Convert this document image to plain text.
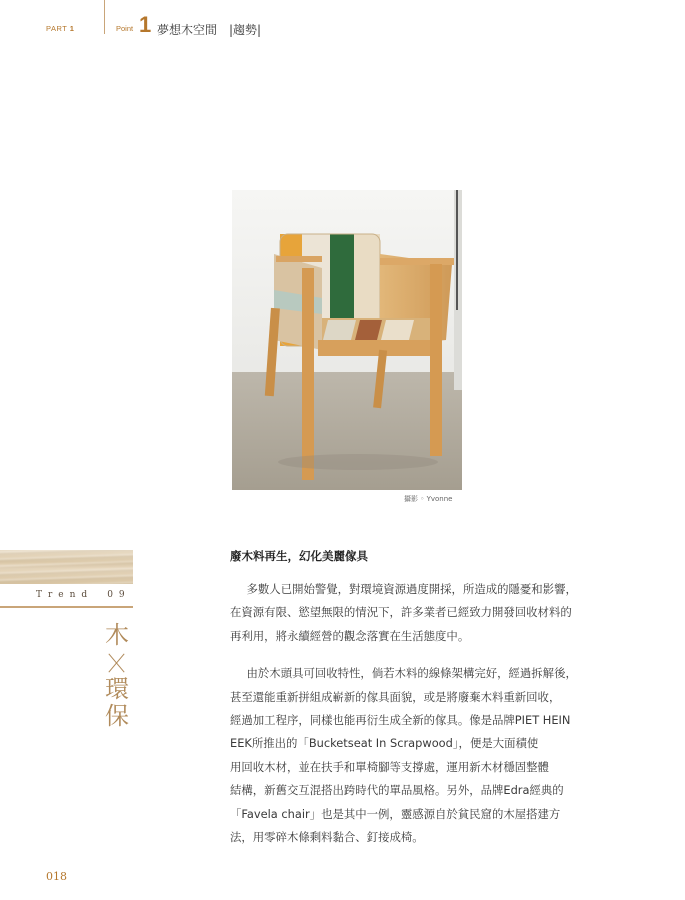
PART 1	Point 1 夢想木空間 |趨勢|
攝影 ◦ Yvonne
Trend 09
木
環
保
廢木料再生，幻化美麗傢具

多數人已開始警覺，對環境資源過度開採，所造成的隱憂和影響，
在資源有限、慾望無限的情況下，許多業者已經致力開發回收材料的
再利用，將永續經營的觀念落實在生活態度中。

由於木頭具可回收特性，倘若木料的線條架構完好，經過拆解後，
甚至還能重新拼組成嶄新的傢具面貌，或是將廢棄木料重新回收，
經過加工程序，同樣也能再衍生成全新的傢具。像是品牌PIET HEIN
EEK所推出的「Bucketseat In Scrapwood」，便是大面積使
用回收木材，並在扶手和單椅腳等支撐處，運用新木材穩固整體
結構，新舊交互混搭出跨時代的單品風格。另外，品牌Edra經典的
「Favela chair」也是其中一例，靈感源自於貧民窟的木屋搭建方
法，用零碎木條剩料黏合、釘接成椅。

018
